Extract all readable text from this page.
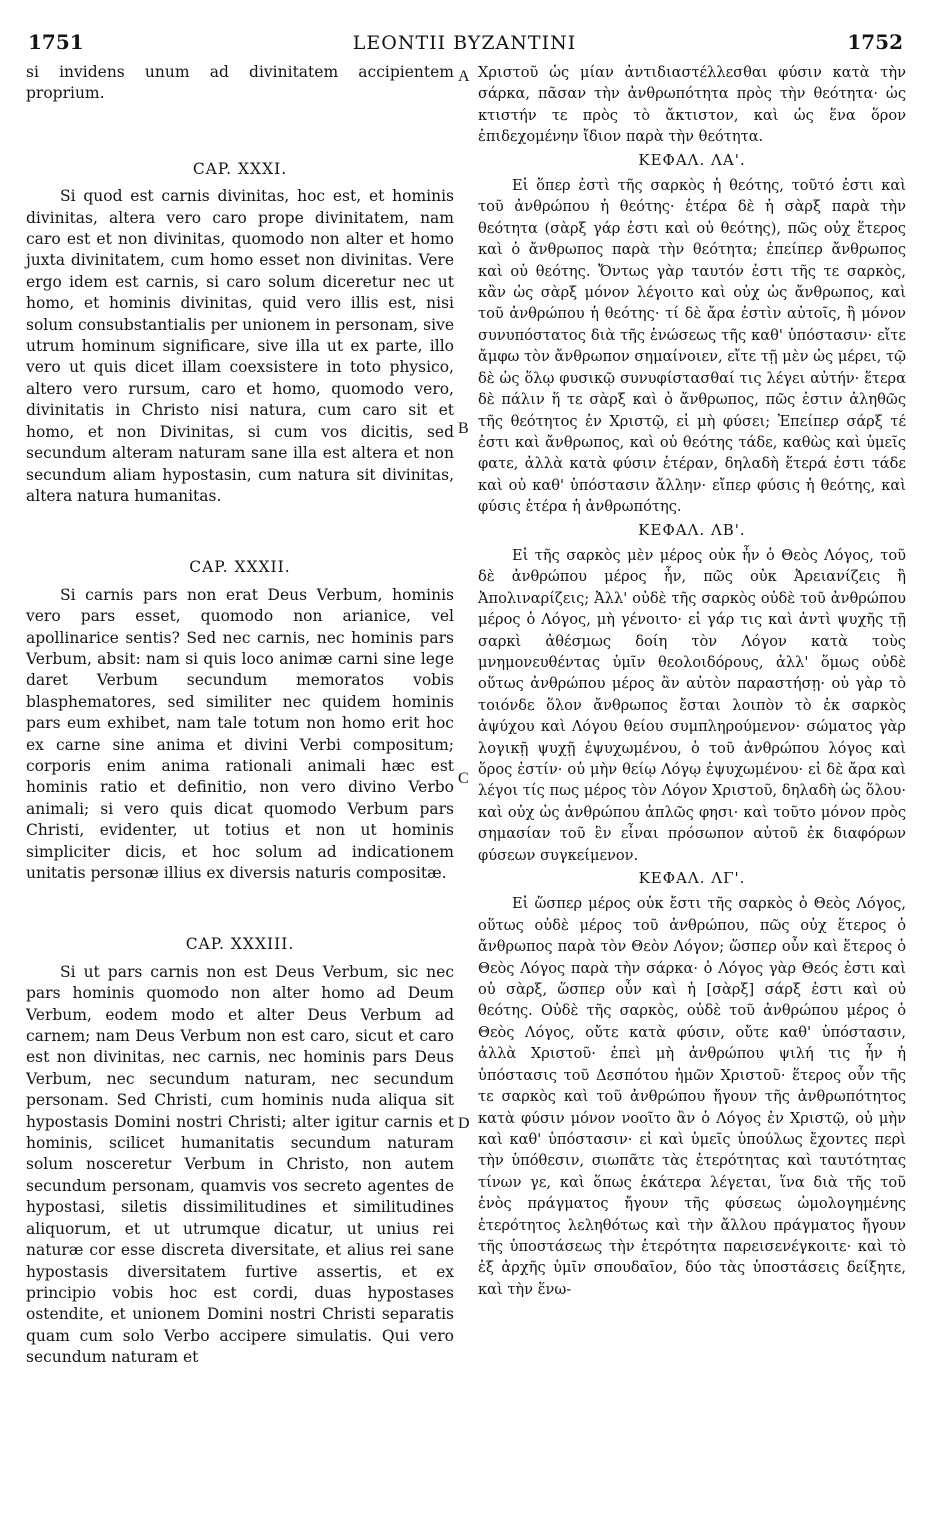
1751	LEONTII BYZANTINI	1752
A
B
C
D

si invidens unum ad divinitatem accipientem proprium.

CAP. XXXI.

Si quod est carnis divinitas, hoc est, et hominis divinitas, altera vero caro prope divinitatem, nam caro est et non divinitas, quomodo non alter et homo juxta divinitatem, cum homo esset non divinitas. Vere ergo idem est carnis, si caro solum diceretur nec ut homo, et hominis divinitas, quid vero illis est, nisi solum consubstantialis per unionem in personam, sive utrum hominum significare, sive illa ut ex parte, illo vero ut quis dicet illam coexsistere in toto physico, altero vero rursum, caro et homo, quomodo vero, divinitatis in Christo nisi natura, cum caro sit et homo, et non Divinitas, si cum vos dicitis, sed secundum alteram naturam sane illa est altera et non secundum aliam hypostasin, cum natura sit divinitas, altera natura humanitas.

CAP. XXXII.

Si carnis pars non erat Deus Verbum, hominis vero pars esset, quomodo non arianice, vel apollinarice sentis? Sed nec carnis, nec hominis pars Verbum, absit: nam si quis loco animæ carni sine lege daret Verbum secundum memoratos vobis blasphematores, sed similiter nec quidem hominis pars eum exhibet, nam tale totum non homo erit hoc ex carne sine anima et divini Verbi compositum; corporis enim anima rationali animali hæc est hominis ratio et definitio, non vero divino Verbo animali; si vero quis dicat quomodo Verbum pars Christi, evidenter, ut totius et non ut hominis simpliciter dicis, et hoc solum ad indicationem unitatis personæ illius ex diversis naturis compositæ.

CAP. XXXIII.

Si ut pars carnis non est Deus Verbum, sic nec pars hominis quomodo non alter homo ad Deum Verbum, eodem modo et alter Deus Verbum ad carnem; nam Deus Verbum non est caro, sicut et caro est non divinitas, nec carnis, nec hominis pars Deus Verbum, nec secundum naturam, nec secundum personam. Sed Christi, cum hominis nuda aliqua sit hypostasis Domini nostri Christi; alter igitur carnis et hominis, scilicet humanitatis secundum naturam solum nosceretur Verbum in Christo, non autem secundum personam, quamvis vos secreto agentes de hypostasi, siletis dissimilitudines et similitudines aliquorum, et ut utrumque dicatur, ut unius rei naturæ cor esse discreta diversitate, et alius rei sane hypostasis diversitatem furtive assertis, et ex principio vobis hoc est cordi, duas hypostases ostendite, et unionem Domini nostri Christi separatis quam cum solo Verbo accipere simulatis. Qui vero secundum naturam et

Χριστοῦ ὡς μίαν ἀντιδιαστέλλεσθαι φύσιν κατὰ τὴν σάρκα, πᾶσαν τὴν ἀνθρωπότητα πρὸς τὴν θεότητα· ὡς κτιστήν τε πρὸς τὸ ἄκτιστον, καὶ ὡς ἕνα ὅρον ἐπιδεχομένην ἴδιον παρὰ τὴν θεότητα.

ΚΕΦΑΛ. ΛΑ'.

Εἰ ὅπερ ἐστὶ τῆς σαρκὸς ἡ θεότης, τοῦτό ἐστι καὶ τοῦ ἀνθρώπου ἡ θεότης· ἑτέρα δὲ ἡ σὰρξ παρὰ τὴν θεότητα (σὰρξ γάρ ἐστι καὶ οὐ θεότης), πῶς οὐχ ἕτερος καὶ ὁ ἄνθρωπος παρὰ τὴν θεότητα; ἐπείπερ ἄνθρωπος καὶ οὐ θεότης. Ὄντως γὰρ ταυτόν ἐστι τῆς τε σαρκὸς, κἂν ὡς σὰρξ μόνον λέγοιτο καὶ οὐχ ὡς ἄνθρωπος, καὶ τοῦ ἀνθρώπου ἡ θεότης· τί δὲ ἄρα ἐστὶν αὐτοῖς, ἢ μόνον συνυπόστατος διὰ τῆς ἑνώσεως τῆς καθ' ὑπόστασιν· εἴτε ἄμφω τὸν ἄνθρωπον σημαίνοιεν, εἴτε τῇ μὲν ὡς μέρει, τῷ δὲ ὡς ὅλῳ φυσικῷ συνυφίστασθαί τις λέγει αὐτήν· ἕτερα δὲ πάλιν ἥ τε σὰρξ καὶ ὁ ἄνθρωπος, πῶς ἐστιν ἀληθῶς τῆς θεότητος ἐν Χριστῷ, εἰ μὴ φύσει; Ἐπείπερ σάρξ τέ ἐστι καὶ ἄνθρωπος, καὶ οὐ θεότης τάδε, καθὼς καὶ ὑμεῖς φατε, ἀλλὰ κατὰ φύσιν ἑτέραν, δηλαδὴ ἕτερά ἐστι τάδε καὶ οὐ καθ' ὑπόστασιν ἄλλην· εἴπερ φύσις ἡ θεότης, καὶ φύσις ἑτέρα ἡ ἀνθρωπότης.

ΚΕΦΑΛ. ΛΒ'.

Εἰ τῆς σαρκὸς μὲν μέρος οὐκ ἦν ὁ Θεὸς Λόγος, τοῦ δὲ ἀνθρώπου μέρος ἦν, πῶς οὐκ Ἀρειανίζεις ἢ Ἀπολιναρίζεις; Ἀλλ' οὐδὲ τῆς σαρκὸς οὐδὲ τοῦ ἀνθρώπου μέρος ὁ Λόγος, μὴ γένοιτο· εἰ γάρ τις καὶ ἀντὶ ψυχῆς τῇ σαρκὶ ἀθέσμως δοίη τὸν Λόγον κατὰ τοὺς μνημονευθέντας ὑμῖν θεολοιδόρους, ἀλλ' ὅμως οὐδὲ οὕτως ἀνθρώπου μέρος ἂν αὐτὸν παραστήσῃ· οὐ γὰρ τὸ τοιόνδε ὅλον ἄνθρωπος ἔσται λοιπὸν τὸ ἐκ σαρκὸς ἀψύχου καὶ Λόγου θείου συμπληρούμενον· σώματος γὰρ λογικῇ ψυχῇ ἐψυχωμένου, ὁ τοῦ ἀνθρώπου λόγος καὶ ὅρος ἐστίν· οὐ μὴν θείῳ Λόγῳ ἐψυχωμένου· εἰ δὲ ἄρα καὶ λέγοι τίς πως μέρος τὸν Λόγον Χριστοῦ, δηλαδὴ ὡς ὅλου· καὶ οὐχ ὡς ἀνθρώπου ἁπλῶς φησι· καὶ τοῦτο μόνον πρὸς σημασίαν τοῦ ἓν εἶναι πρόσωπον αὐτοῦ ἐκ διαφόρων φύσεων συγκείμενον.

ΚΕΦΑΛ. ΛΓ'.

Εἰ ὥσπερ μέρος οὐκ ἔστι τῆς σαρκὸς ὁ Θεὸς Λόγος, οὕτως οὐδὲ μέρος τοῦ ἀνθρώπου, πῶς οὐχ ἕτερος ὁ ἄνθρωπος παρὰ τὸν Θεὸν Λόγον; ὥσπερ οὖν καὶ ἕτερος ὁ Θεὸς Λόγος παρὰ τὴν σάρκα· ὁ Λόγος γὰρ Θεός ἐστι καὶ οὐ σὰρξ, ὥσπερ οὖν καὶ ἡ [σὰρξ] σάρξ ἐστι καὶ οὐ θεότης. Οὐδὲ τῆς σαρκὸς, οὐδὲ τοῦ ἀνθρώπου μέρος ὁ Θεὸς Λόγος, οὔτε κατὰ φύσιν, οὔτε καθ' ὑπόστασιν, ἀλλὰ Χριστοῦ· ἐπεὶ μὴ ἀνθρώπου ψιλή τις ἦν ἡ ὑπόστασις τοῦ Δεσπότου ἡμῶν Χριστοῦ· ἕτερος οὖν τῆς τε σαρκὸς καὶ τοῦ ἀνθρώπου ἤγουν τῆς ἀνθρωπότητος κατὰ φύσιν μόνον νοοῖτο ἂν ὁ Λόγος ἐν Χριστῷ, οὐ μὴν καὶ καθ' ὑπόστασιν· εἰ καὶ ὑμεῖς ὑπούλως ἔχοντες περὶ τὴν ὑπόθεσιν, σιωπᾶτε τὰς ἑτερότητας καὶ ταυτότητας τίνων γε, καὶ ὅπως ἑκάτερα λέγεται, ἵνα διὰ τῆς τοῦ ἑνὸς πράγματος ἤγουν τῆς φύσεως ὡμολογημένης ἑτερότητος λεληθότως καὶ τὴν ἄλλου πράγματος ἤγουν τῆς ὑποστάσεως τὴν ἑτερότητα παρεισενέγκοιτε· καὶ τὸ ἐξ ἀρχῆς ὑμῖν σπουδαῖον, δύο τὰς ὑποστάσεις δείξητε, καὶ τὴν ἕνω-
